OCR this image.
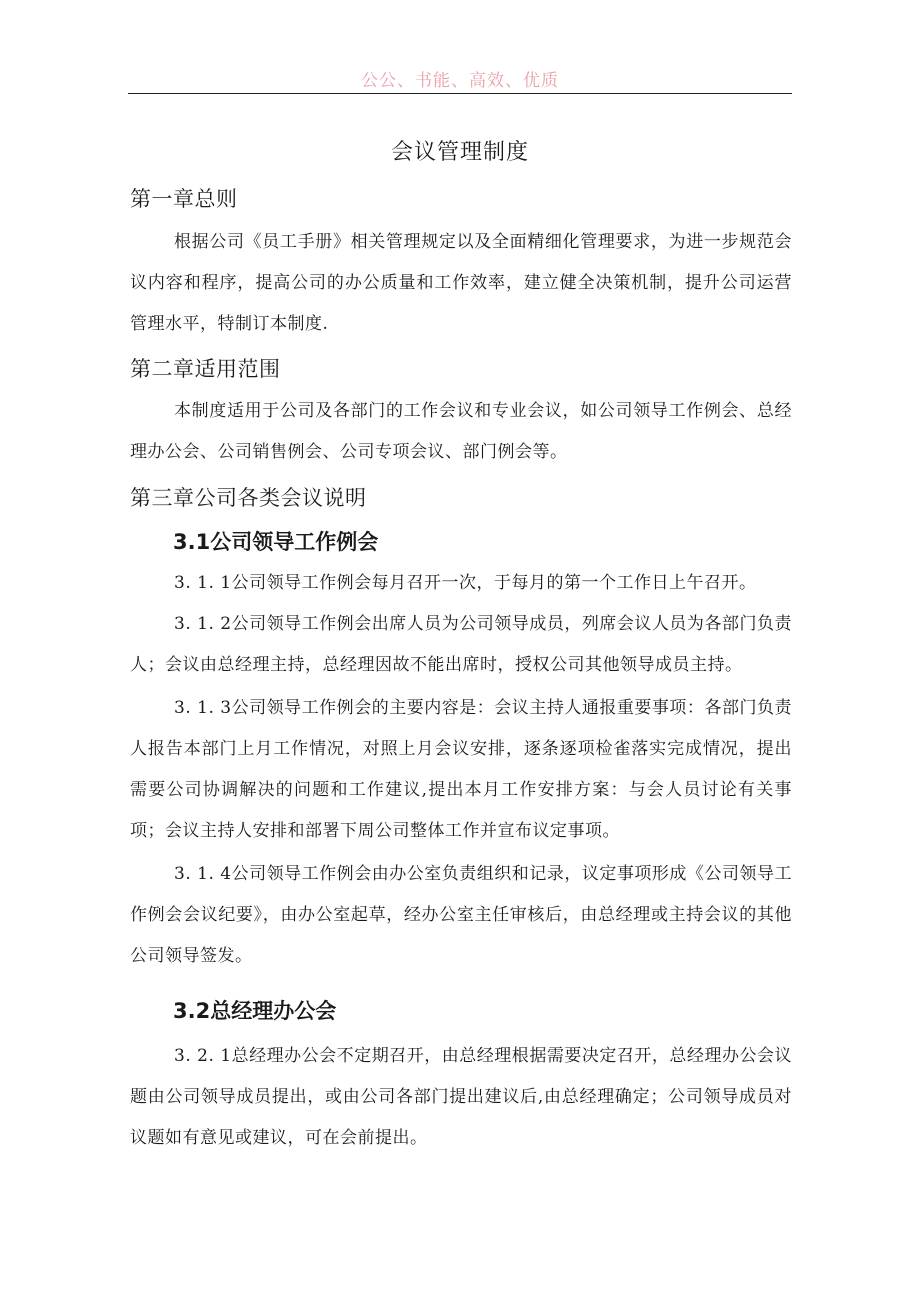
公公、书能、高效、优质
会议管理制度
第一章总则
根据公司《员工手册》相关管理规定以及全面精细化管理要求，为进一步规范会议内容和程序，提高公司的办公质量和工作效率，建立健全决策机制，提升公司运营管理水平，特制订本制度.
第二章适用范围
本制度适用于公司及各部门的工作会议和专业会议，如公司领导工作例会、总经理办公会、公司销售例会、公司专项会议、部门例会等。
第三章公司各类会议说明
3.1公司领导工作例会
3. 1. 1公司领导工作例会每月召开一次，于每月的第一个工作日上午召开。
3. 1. 2公司领导工作例会出席人员为公司领导成员，列席会议人员为各部门负责人；会议由总经理主持，总经理因故不能出席时，授权公司其他领导成员主持。
3. 1. 3公司领导工作例会的主要内容是：会议主持人通报重要事项：各部门负责人报告本部门上月工作情况，对照上月会议安排，逐条逐项检雀落实完成情况，提出需要公司协调解决的问题和工作建议,提出本月工作安排方案：与会人员讨论有关事项；会议主持人安排和部署下周公司整体工作并宣布议定事项。
3. 1. 4公司领导工作例会由办公室负责组织和记录，议定事项形成《公司领导工作例会会议纪要》，由办公室起草，经办公室主任审核后，由总经理或主持会议的其他公司领导签发。
3.2总经理办公会
3. 2. 1总经理办公会不定期召开，由总经理根据需要决定召开，总经理办公会议题由公司领导成员提出，或由公司各部门提出建议后,由总经理确定；公司领导成员对议题如有意见或建议，可在会前提出。
